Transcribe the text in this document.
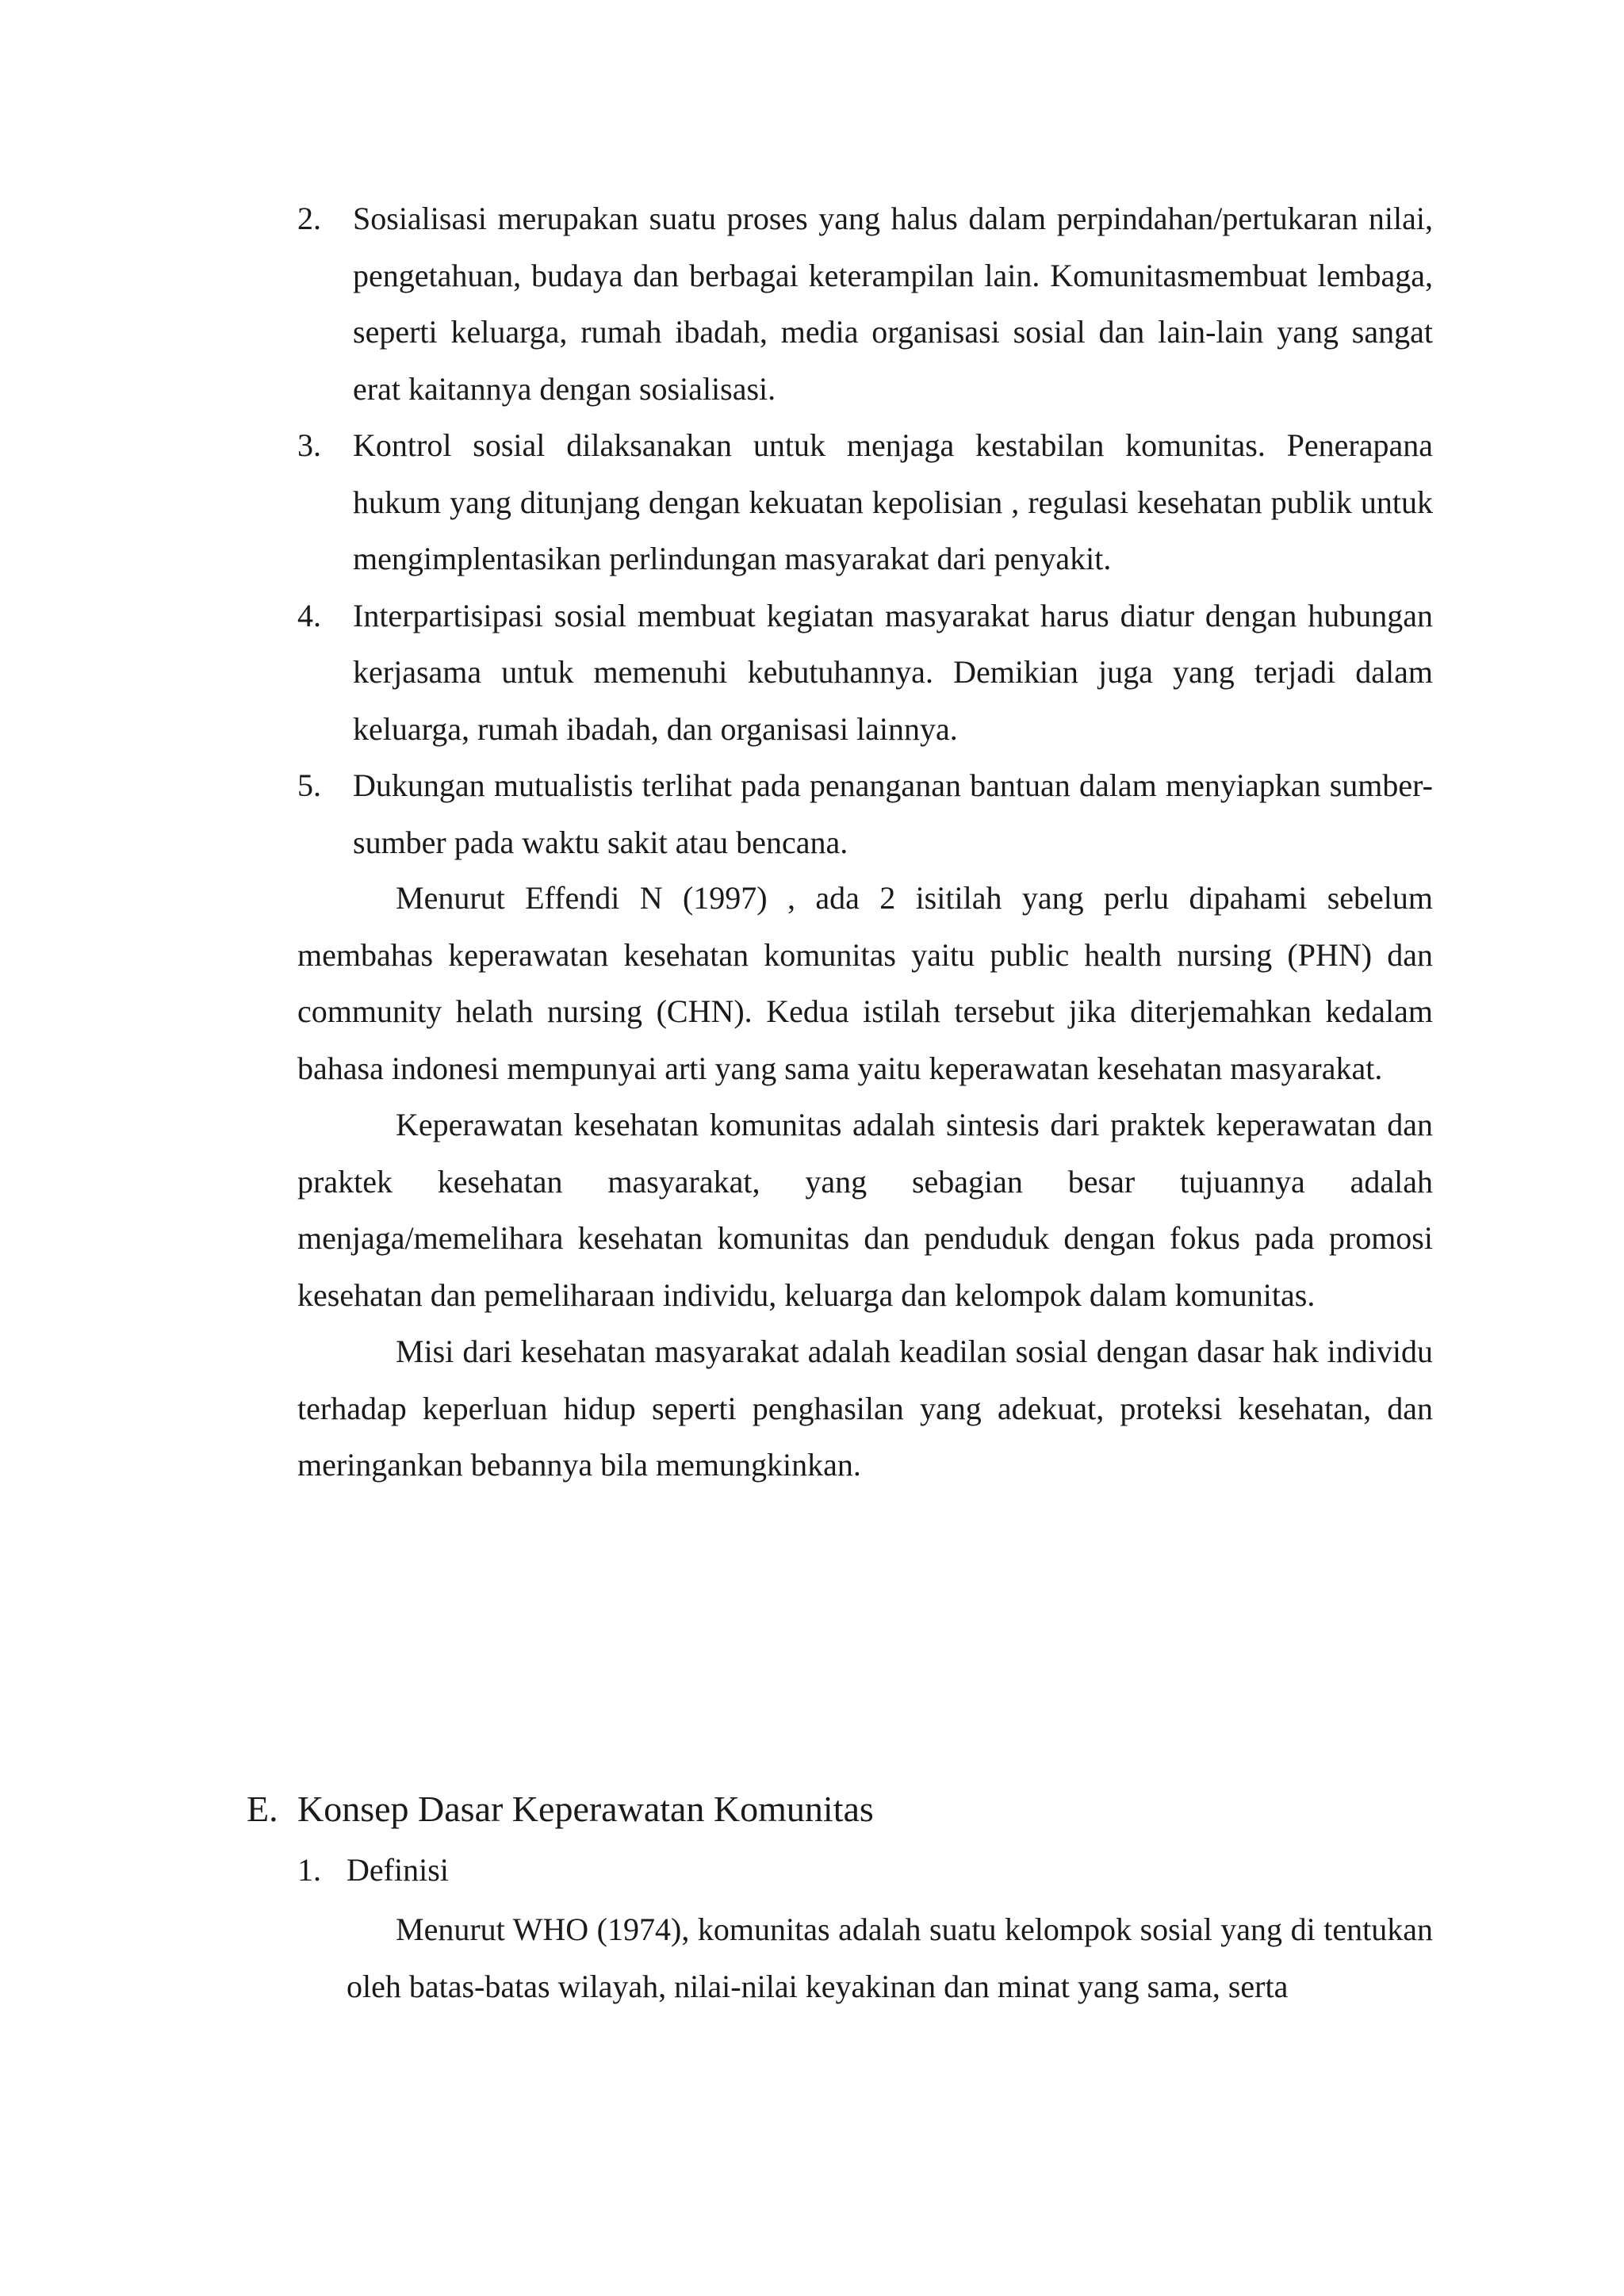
2.	Sosialisasi merupakan suatu proses yang halus dalam perpindahan/pertukaran nilai, pengetahuan, budaya dan berbagai keterampilan lain. Komunitasmembuat lembaga, seperti keluarga, rumah ibadah, media organisasi sosial dan lain-lain yang sangat erat kaitannya dengan sosialisasi.
3.	Kontrol sosial dilaksanakan untuk menjaga kestabilan komunitas. Penerapana hukum yang ditunjang dengan kekuatan kepolisian , regulasi kesehatan publik untuk mengimplentasikan perlindungan masyarakat dari penyakit.
4.	Interpartisipasi sosial membuat kegiatan masyarakat harus diatur dengan hubungan kerjasama untuk memenuhi kebutuhannya. Demikian juga yang terjadi dalam keluarga, rumah ibadah, dan organisasi lainnya.
5.	Dukungan mutualistis terlihat pada penanganan bantuan dalam menyiapkan sumber-sumber pada waktu sakit atau bencana.

Menurut Effendi N (1997) , ada 2 isitilah yang perlu dipahami sebelum membahas keperawatan kesehatan komunitas yaitu public health nursing (PHN) dan community helath nursing (CHN). Kedua istilah tersebut jika diterjemahkan kedalam bahasa indonesi mempunyai arti yang sama yaitu keperawatan kesehatan masyarakat.

Keperawatan kesehatan komunitas adalah sintesis dari praktek keperawatan dan praktek kesehatan masyarakat, yang sebagian besar tujuannya adalah menjaga/memelihara kesehatan komunitas dan penduduk dengan fokus pada promosi kesehatan dan pemeliharaan individu, keluarga dan kelompok dalam komunitas.

Misi dari kesehatan masyarakat adalah keadilan sosial dengan dasar hak individu terhadap keperluan hidup seperti penghasilan yang adekuat, proteksi kesehatan, dan meringankan bebannya bila memungkinkan.

E. Konsep Dasar Keperawatan Komunitas
1. Definisi

Menurut WHO (1974), komunitas adalah suatu kelompok sosial yang di tentukan oleh batas-batas wilayah, nilai-nilai keyakinan dan minat yang sama, serta
